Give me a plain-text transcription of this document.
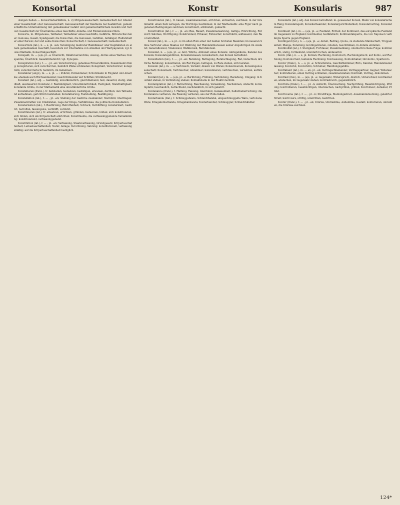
Konsortal	Konstr	Konsularis	987

obsigen Seiten — Konsortialverhältnis, n. 2) Mitgenossenschaft; Gemeinschaft der Glieder einer Gesellschaft oder Genossenschaft; Genossenschaft der Kaufleute bei Seefahrten; gemeinschaftliche Unternehmung mit gemeinsamer Gefahr und gemeinschaftlichem Gewinn und Verlust; Gesellschaft zur Übernahme eines Geschäfts; Anleihe- und Emissionskonsortium.

Konsorte, m. Mitgenosse, Teilhaber, Teilnehmer eines Geschäfts, Gefährte, Mitverschworener; Genosse, Gesell, Spießgesell; die Konsorten, die Genossen, Gehilfen, Anhänger, Helfershelfer einer Person; der und seine Konsorten; Konsortschaft, f. Genossenschaft; Gemeinschaft.

Konsortium (lat.), n. — s, pl. -ien; Vereinigung mehrerer Bankhäuser oder Kapitalisten zu einem gemeinsamen Geschäft, besonders zur Übernahme von Anleihen und Wertpapieren; vgl. Konsortialbank, Konsortialgeschäft.

Konspekt, m. — (e)s, pl. -e; Übersicht, Inhaltsverzeichnis, Auszug, Abriss eines Werkes; Konspektus, Überblick; Gesamtübersicht; vgl. Synopsis.

Konspiration (lat.), f. — , pl. -en; Verschwörung, geheimes Einverständnis, Zusammenrottung; konspirieren, sich verschwören, heimlich Pläne schmieden; Konspirant, Verschwörer; konspirativ, verschwörerisch; heimlich, im Geheimen.

Konstabler (engl.), m. — s, pl. — ; Polizist, Polizeidiener, Schutzmann in England und Amerika; ehemals auch Büchsenmeister, Geschützmeister auf Schiffen; Stückknecht.

Konstant (lat.), adj. — beständig, unveränderlich, gleichbleibend, fest, dauernd, stetig, standhaft, ausdauernd; Konstanz, f. Beständigkeit, Unveränderlichkeit, Festigkeit, Standhaftigkeit; konstante Größe, in der Mathematik eine unveränderliche Größe.

Konstatieren (franz.), tr. feststellen, festsetzen, bestätigen, erweisen, darthun; den Tatbestand aufnehmen, gerichtlich feststellen; Konstatierung, Feststellung, Bestätigung.

Konstellation (lat.), f. — , pl. -en; Stellung der Gestirne zueinander; Sternbild; übertragen: Zusammentreffen von Umständen, Lage der Dinge, Verhältnisse; die politische Konstellation.

Konsternation (lat.), f. Bestürzung, Betroffenheit, Schreck, Verblüffung; konsterniert, bestürzt, betroffen, fassungslos, verblüfft, verdutzt.

Konstituieren (lat.), tr. einsetzen, errichten, gründen, festsetzen, bilden; sich konstituieren, sich bilden, sich als Körperschaft einrichten; Konstituente, die verfassunggebende Versammlung; konstituierend, verfassunggebend.

Konstitution (lat.), f. — , pl. -en; Verfassung, Staatsverfassung, Grundgesetz; Körperbeschaffenheit, Leibesbeschaffenheit, Natur, Anlage; Verordnung, Satzung; konstitutionell, verfassungsmäßig; auf die Körperbeschaffenheit bezüglich.

Konstruieren (lat.), tr. bauen, zusammensetzen, errichten, entwerfen, zeichnen; in der Grammatik: einen Satz zerlegen, die Wortfolge bestimmen; in der Mathematik: eine Figur nach gegebenen Bedingungen zeichnen; konstruiert, erkünstelt, gemacht.

Konstruktion (lat.), f. — , pl. -en; Bau, Bauart, Zusammensetzung, Gefüge, Einrichtung, Entwurf; Satzbau, Wortfügung; Konstrukteur, Erbauer, Entwerfer; konstruktiv, aufbauend, den Bau betreffend.

Konsul (lat.), m. — s, pl. -n; im alten Rom einer der beiden höchsten Beamten; im neueren Sinne Vertreter eines Staates zur Wahrung der Handelsinteressen seiner Angehörigen im Ausland; Generalkonsul, Vizekonsul, Wahlkonsul, Berufskonsul.

Konsulat, n. — (e)s, pl. -e; Amt, Würde, Amtszeit eines Konsuls; Amtsgebäude, Kanzlei des Konsuls; Konsulatsgebühren, Konsulatswesen; konsularisch, den Konsul betreffend.

Konsultation (lat.), f. — , pl. -en; Beratung, Befragung, Beratschlagung, Rat, Gutachten; ärztliche Beratung; konsultieren, um Rat fragen, befragen, zu Rate ziehen, sich beraten.

Konsum (lat.), m. — s; Verbrauch, Verzehr, Absatz von Waren; Konsumverein, Konsumgenossenschaft; Konsument, Verbraucher, Abnehmer; konsumieren, verbrauchen, verzehren, aufbrauchen.

Kontakt (lat.), m. — (e)s, pl. -e; Berührung, Fühlung, Verbindung, Beziehung, Umgang; in Kontakt stehen, in Verbindung stehen; Kontaktstelle in der Elektrotechnik.

Kontemplation (lat.), f. Betrachtung, Beschauung, Versenkung, Nachsinnen, Andacht; kontemplativ, beschaulich, betrachtend, nachdenklich, in sich gekehrt.

Kontenance (franz.), f. Haltung, Fassung, Gleichmut, Gelassenheit, Selbstbeherrschung; die Kontenance verlieren, die Fassung verlieren, aus der Rolle fallen.

Konterbande (ital.), f. Schmuggelware, Schleichhandel, eingeschmuggelte Ware, verbotene Ware; Kriegskonterbande, Kriegsbannware; Konterbandier, Schmuggler, Schleichhändler.

Konsularis (lat.), adj. den Konsul betreffend; m. gewesener Konsul, Mann von konsularischem Rang; Konsularagent, Konsularbeamter, Konsulargerichtsbarkeit, Konsularvertrag, Konsularwesen.

Kontinent (lat.), m. — (e)s, pl. -e; Festland, Erdteil; der Kontinent, das europäische Festland im Gegensatz zu England; kontinental, festländisch; Kontinentalsperre, die von Napoleon verhängte Sperre gegen England.

Kontingent (lat.), n. — (e)s, pl. -e; Anteil, Beitrag, Quote, zu stellende Mannschaft, Truppenanteil; Menge, Zuteilung; kontingentieren, zuteilen, beschränken, in Anteile einteilen.

Kontinuität (lat.), f. Stetigkeit, Fortdauer, Zusammenhang, ununterbrochene Folge; kontinuierlich, stetig, fortlaufend, ununterbrochen, andauernd.

Konto (ital.), n. — s, pl. Konten; Rechnung, Kontobuch, Rechnungsbuch; auf Konto, auf Rechnung; Kontokorrent, laufende Rechnung; Kontoauszug, Kontoinhaber, Girokonto, Sparkonto.

Kontor (franz.), n. — s, pl. -e; Schreibstube, Geschäftszimmer, Büro, Kanzlei; Handelsniederlassung; Kontorist, Kontoristin, Schreiber, Handlungsgehilfe.

Kontrahent (lat.), m. — en, pl. -en; Vertragschließender, Vertragspartner, Gegner, Widersacher; kontrahieren, einen Vertrag schließen, zusammenziehen; Kontrakt, Vertrag, Abkommen.

Kontrast (ital.), m. — (e)s, pl. -e; Gegensatz, Widerspruch, Abstich, Unterschied; kontrastieren, abstechen, im Gegensatz stehen; kontrastreich, gegensätzlich.

Kontrolle (franz.), f. — , pl. -n; Aufsicht, Überwachung, Nachprüfung, Beaufsichtigung, Prüfung; kontrollieren, beaufsichtigen, überwachen, nachprüfen, prüfen; Kontrolleur, Aufseher, Prüfer.

Kontroverse (lat.), f. — , pl. -n; Streitfrage, Meinungsstreit, Auseinandersetzung, gelehrter Streit; kontrovers, strittig, umstritten, bestritten.

Kontur (franz.), f. — , pl. -en; Umriss, Umrisslinie, Außenlinie, Gestalt; konturieren, umreißen, die Umrisse zeichnen.

124*
